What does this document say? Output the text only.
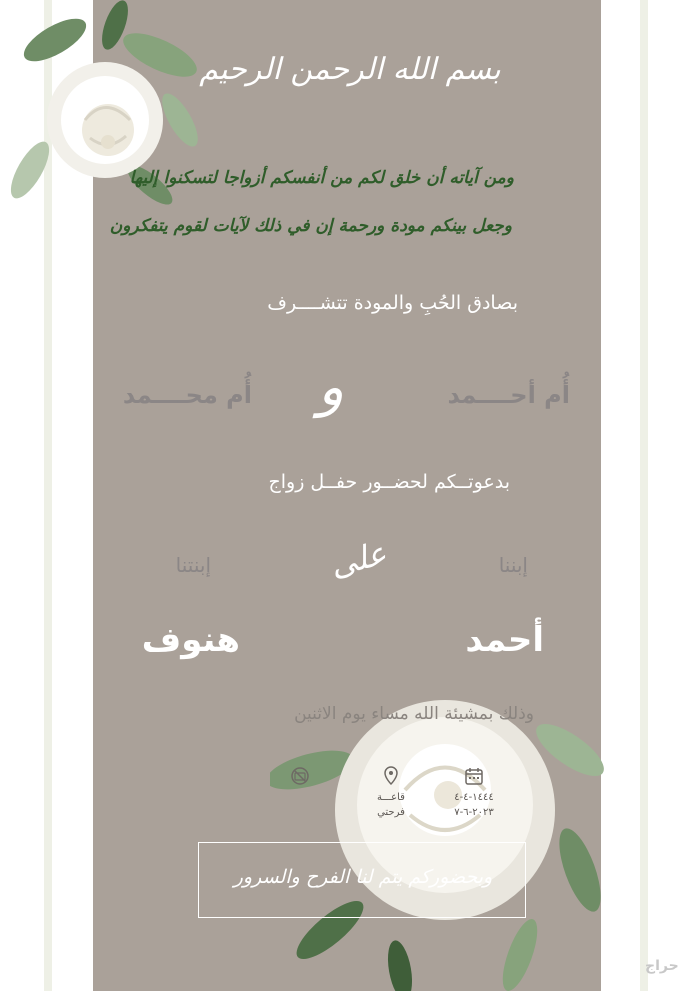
بسم الله الرحمن الرحيم
ومن آياته أن خلق لكم من أنفسكم أزواجا لتسكنوا إليها
وجعل بينكم مودة ورحمة إن في ذلك لآيات لقوم يتفكرون
بصادق الحُبِ والمودة تتشــــرف
أُم أحــــمد
أُم محــــمد و
بدعوتــكم لحضــور حفــل زواج
إبننا
إبنتنا	على
أحمد
هنوف
وذلك بمشيئة الله مساء يوم الاثنين
١٤٤٤-٤-٤
٢٠٢٣-٦-٧
قاعـــة
فرحتي
وبحضوركم يتم لنا الفرح والسرور
حراج
